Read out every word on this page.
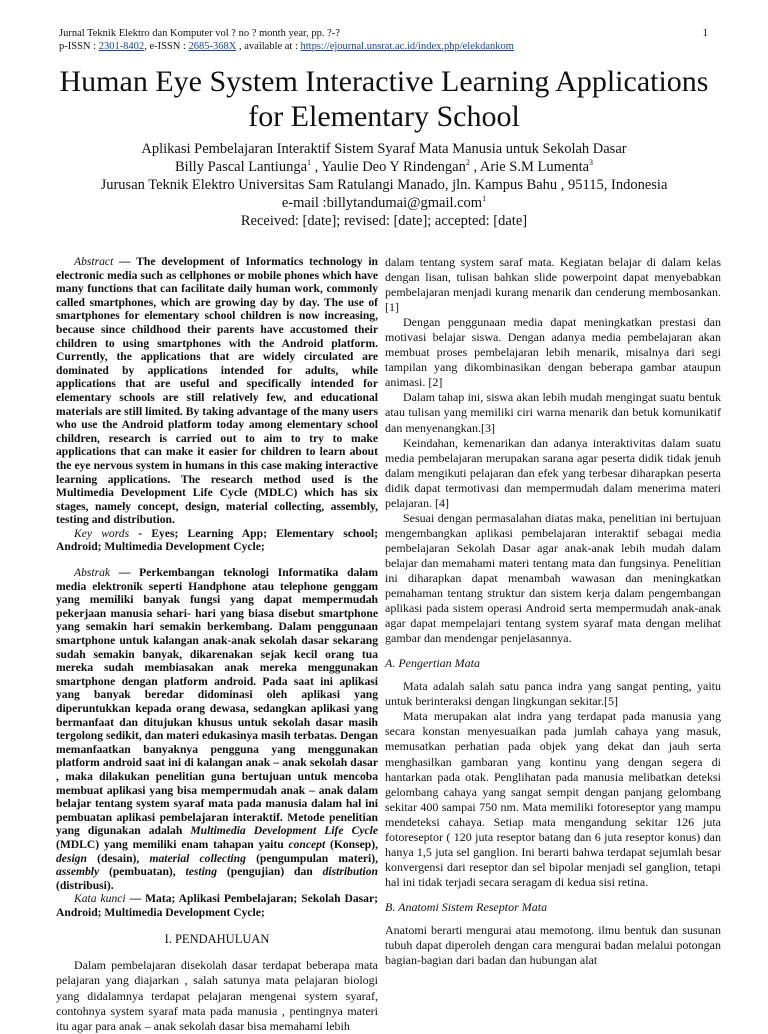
Jurnal Teknik Elektro dan Komputer vol ? no ? month year, pp. ?-?
p-ISSN : 2301-8402, e-ISSN : 2685-368X , available at : https://ejournal.unsrat.ac.id/index.php/elekdankom
1
Human Eye System Interactive Learning Applications for Elementary School
Aplikasi Pembelajaran Interaktif Sistem Syaraf Mata Manusia untuk Sekolah Dasar
Billy Pascal Lantiunga$^1$ , Yaulie Deo Y Rindengan$^2$ , Arie S.M Lumenta$^3$
Jurusan Teknik Elektro Universitas Sam Ratulangi Manado, jln. Kampus Bahu , 95115, Indonesia
e-mail :billytandumai@gmail.com$^1$
Received: [date]; revised: [date]; accepted: [date]

Abstract — The development of Informatics technology in electronic media such as cellphones or mobile phones which have many functions that can facilitate daily human work, commonly called smartphones, which are growing day by day. The use of smartphones for elementary school children is now increasing, because since childhood their parents have accustomed their children to using smartphones with the Android platform. Currently, the applications that are widely circulated are dominated by applications intended for adults, while applications that are useful and specifically intended for elementary schools are still relatively few, and educational materials are still limited. By taking advantage of the many users who use the Android platform today among elementary school children, research is carried out to aim to try to make applications that can make it easier for children to learn about the eye nervous system in humans in this case making interactive learning applications. The research method used is the Multimedia Development Life Cycle (MDLC) which has six stages, namely concept, design, material collecting, assembly, testing and distribution.

Key words - Eyes; Learning App; Elementary school; Android; Multimedia Development Cycle;

Abstrak — Perkembangan teknologi Informatika dalam media elektronik seperti Handphone atau telephone genggam yang memiliki banyak fungsi yang dapat mempermudah pekerjaan manusia sehari- hari yang biasa disebut smartphone yang semakin hari semakin berkembang. Dalam penggunaan smartphone untuk kalangan anak-anak sekolah dasar sekarang sudah semakin banyak, dikarenakan sejak kecil orang tua mereka sudah membiasakan anak mereka menggunakan smartphone dengan platform android. Pada saat ini aplikasi yang banyak beredar didominasi oleh aplikasi yang diperuntukkan kepada orang dewasa, sedangkan aplikasi yang bermanfaat dan ditujukan khusus untuk sekolah dasar masih tergolong sedikit, dan materi edukasinya masih terbatas. Dengan memanfaatkan banyaknya pengguna yang menggunakan platform android saat ini di kalangan anak – anak sekolah dasar , maka dilakukan penelitian guna bertujuan untuk mencoba membuat aplikasi yang bisa mempermudah anak – anak dalam belajar tentang system syaraf mata pada manusia dalam hal ini pembuatan aplikasi pembelajaran interaktif. Metode penelitian yang digunakan adalah Multimedia Development Life Cycle (MDLC) yang memiliki enam tahapan yaitu concept (Konsep), design (desain), material collecting (pengumpulan materi), assembly (pembuatan), testing (pengujian) dan distribution (distribusi).

Kata kunci — Mata; Aplikasi Pembelajaran; Sekolah Dasar; Android; Multimedia Development Cycle;

I. PENDAHULUAN

Dalam pembelajaran disekolah dasar terdapat beberapa mata pelajaran yang diajarkan , salah satunya mata pelajaran biologi yang didalamnya terdapat pelajaran mengenai system syaraf, contohnya system syaraf mata pada manusia , pentingnya materi itu agar para anak – anak sekolah dasar bisa memahami lebih

dalam tentang system saraf mata. Kegiatan belajar di dalam kelas dengan lisan, tulisan bahkan slide powerpoint dapat menyebabkan pembelajaran menjadi kurang menarik dan cenderung membosankan.[1]

Dengan penggunaan media dapat meningkatkan prestasi dan motivasi belajar siswa. Dengan adanya media pembelajaran akan membuat proses pembelajaran lebih menarik, misalnya dari segi tampilan yang dikombinasikan dengan beberapa gambar ataupun animasi. [2]

Dalam tahap ini, siswa akan lebih mudah mengingat suatu bentuk atau tulisan yang memiliki ciri warna menarik dan betuk komunikatif dan menyenangkan.[3]

Keindahan, kemenarikan dan adanya interaktivitas dalam suatu media pembelajaran merupakan sarana agar peserta didik tidak jenuh dalam mengikuti pelajaran dan efek yang terbesar diharapkan peserta didik dapat termotivasi dan mempermudah dalam menerima materi pelajaran. [4]

Sesuai dengan permasalahan diatas maka, penelitian ini bertujuan mengembangkan aplikasi pembelajaran interaktif sebagai media pembelajaran Sekolah Dasar agar anak-anak lebih mudah dalam belajar dan memahami materi tentang mata dan fungsinya. Penelitian ini diharapkan dapat menambah wawasan dan meningkatkan pemahaman tentang struktur dan sistem kerja dalam pengembangan aplikasi pada sistem operasi Android serta mempermudah anak-anak agar dapat mempelajari tentang system syaraf mata dengan melihat gambar dan mendengar penjelasannya.

A. Pengertian Mata

Mata adalah salah satu panca indra yang sangat penting, yaitu untuk berinteraksi dengan lingkungan sekitar.[5]

Mata merupakan alat indra yang terdapat pada manusia yang secara konstan menyesuaikan pada jumlah cahaya yang masuk, memusatkan perhatian pada objek yang dekat dan jauh serta menghasilkan gambaran yang kontinu yang dengan segera di hantarkan pada otak. Penglihatan pada manusia melibatkan deteksi gelombang cahaya yang sangat sempit dengan panjang gelombang sekitar 400 sampai 750 nm. Mata memiliki fotoreseptor yang mampu mendeteksi cahaya. Setiap mata mengandung sekitar 126 juta fotoreseptor ( 120 juta reseptor batang dan 6 juta reseptor konus) dan hanya 1,5 juta sel ganglion. Ini berarti bahwa terdapat sejumlah besar konvergensi dari reseptor dan sel bipolar menjadi sel ganglion, tetapi hal ini tidak terjadi secara seragam di kedua sisi retina.

B. Anatomi Sistem Reseptor Mata

Anatomi berarti mengurai atau memotong. ilmu bentuk dan susunan tubuh dapat diperoleh dengan cara mengurai badan melalui potongan bagian-bagian dari badan dan hubungan alat
